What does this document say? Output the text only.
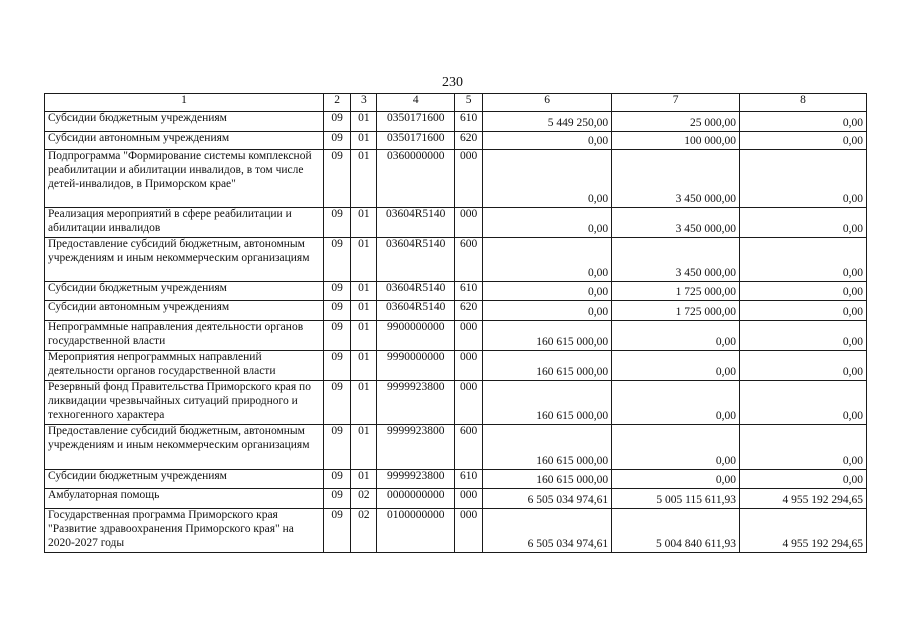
230
1	2	3	4	5	6	7	8
Субсидии бюджетным учреждениям	09	01	0350171600	610	5 449 250,00	25 000,00	0,00
Субсидии автономным учреждениям	09	01	0350171600	620	0,00	100 000,00	0,00
Подпрограмма "Формирование системы комплексной реабилитации и абилитации инвалидов, в том числе детей-инвалидов, в Приморском крае"	09	01	0360000000	000	0,00	3 450 000,00	0,00
Реализация мероприятий в сфере реабилитации и абилитации инвалидов	09	01	03604R5140	000	0,00	3 450 000,00	0,00
Предоставление субсидий бюджетным, автономным учреждениям и иным некоммерческим организациям	09	01	03604R5140	600	0,00	3 450 000,00	0,00
Субсидии бюджетным учреждениям	09	01	03604R5140	610	0,00	1 725 000,00	0,00
Субсидии автономным учреждениям	09	01	03604R5140	620	0,00	1 725 000,00	0,00
Непрограммные направления деятельности органов государственной власти	09	01	9900000000	000	160 615 000,00	0,00	0,00
Мероприятия непрограммных направлений деятельности органов государственной власти	09	01	9990000000	000	160 615 000,00	0,00	0,00
Резервный фонд Правительства Приморского края по ликвидации чрезвычайных ситуаций природного и техногенного характера	09	01	9999923800	000	160 615 000,00	0,00	0,00
Предоставление субсидий бюджетным, автономным учреждениям и иным некоммерческим организациям	09	01	9999923800	600	160 615 000,00	0,00	0,00
Субсидии бюджетным учреждениям	09	01	9999923800	610	160 615 000,00	0,00	0,00
Амбулаторная помощь	09	02	0000000000	000	6 505 034 974,61	5 005 115 611,93	4 955 192 294,65
Государственная программа Приморского края "Развитие здравоохранения Приморского края" на 2020-2027 годы	09	02	0100000000	000	6 505 034 974,61	5 004 840 611,93	4 955 192 294,65
